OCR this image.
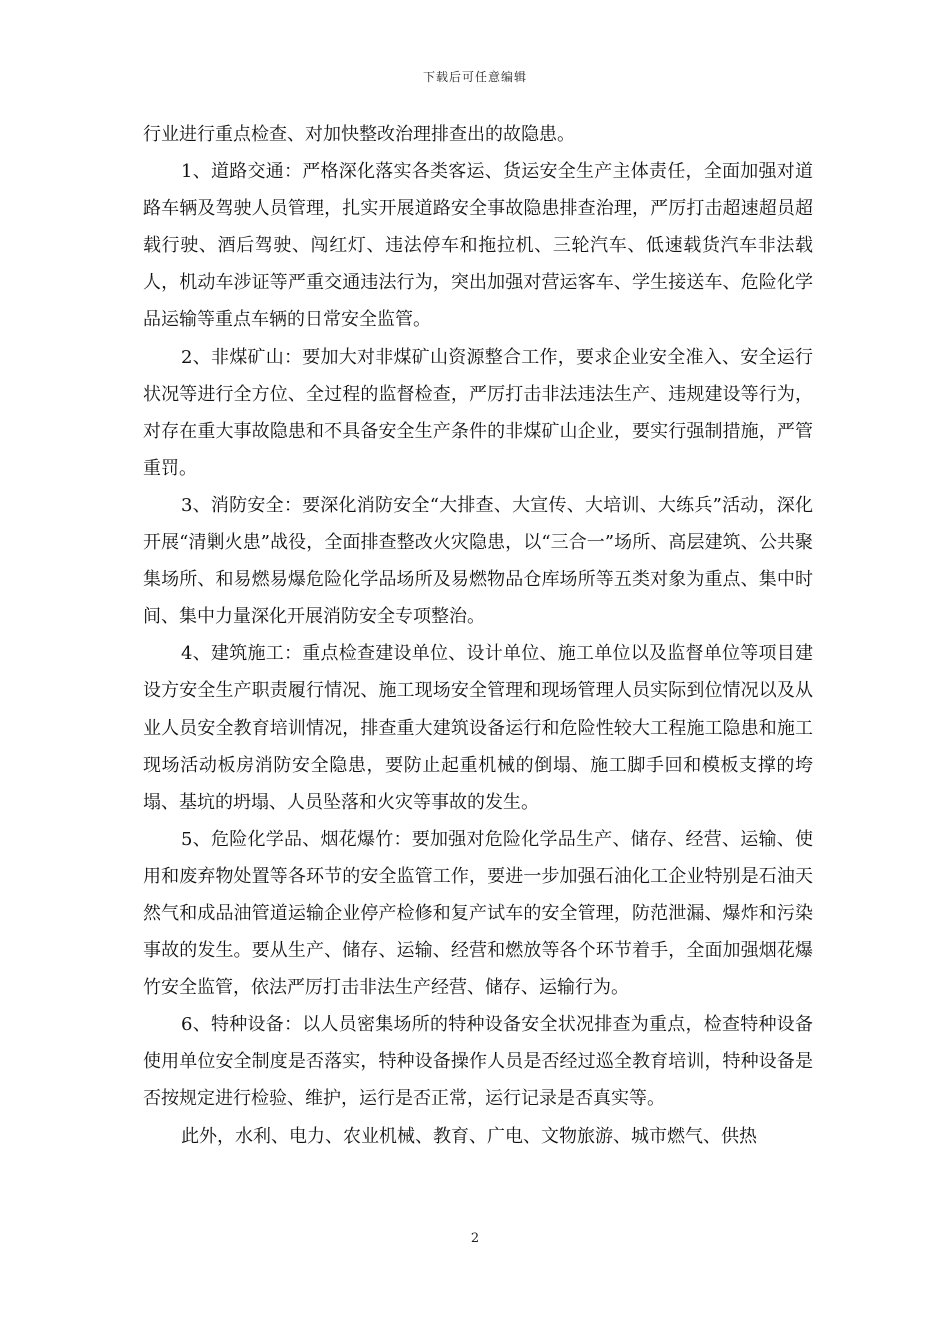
下载后可任意编辑

行业进行重点检查、对加快整改治理排查出的故隐患。

1、道路交通：严格深化落实各类客运、货运安全生产主体责任，全面加强对道路车辆及驾驶人员管理，扎实开展道路安全事故隐患排查治理，严厉打击超速超员超载行驶、酒后驾驶、闯红灯、违法停车和拖拉机、三轮汽车、低速载货汽车非法载人，机动车涉证等严重交通违法行为，突出加强对营运客车、学生接送车、危险化学品运输等重点车辆的日常安全监管。

2、非煤矿山：要加大对非煤矿山资源整合工作，要求企业安全准入、安全运行状况等进行全方位、全过程的监督检查，严厉打击非法违法生产、违规建设等行为，对存在重大事故隐患和不具备安全生产条件的非煤矿山企业，要实行强制措施，严管重罚。

3、消防安全：要深化消防安全“大排查、大宣传、大培训、大练兵”活动，深化开展“清剿火患”战役，全面排查整改火灾隐患，以“三合一”场所、高层建筑、公共聚集场所、和易燃易爆危险化学品场所及易燃物品仓库场所等五类对象为重点、集中时间、集中力量深化开展消防安全专项整治。

4、建筑施工：重点检查建设单位、设计单位、施工单位以及监督单位等项目建设方安全生产职责履行情况、施工现场安全管理和现场管理人员实际到位情况以及从业人员安全教育培训情况，排查重大建筑设备运行和危险性较大工程施工隐患和施工现场活动板房消防安全隐患，要防止起重机械的倒塌、施工脚手回和模板支撑的垮塌、基坑的坍塌、人员坠落和火灾等事故的发生。

5、危险化学品、烟花爆竹：要加强对危险化学品生产、储存、经营、运输、使用和废弃物处置等各环节的安全监管工作，要进一步加强石油化工企业特别是石油天然气和成品油管道运输企业停产检修和复产试车的安全管理，防范泄漏、爆炸和污染事故的发生。要从生产、储存、运输、经营和燃放等各个环节着手，全面加强烟花爆竹安全监管，依法严厉打击非法生产经营、储存、运输行为。

6、特种设备：以人员密集场所的特种设备安全状况排查为重点，检查特种设备使用单位安全制度是否落实，特种设备操作人员是否经过巡全教育培训，特种设备是否按规定进行检验、维护，运行是否正常，运行记录是否真实等。

此外，水利、电力、农业机械、教育、广电、文物旅游、城市燃气、供热

2
